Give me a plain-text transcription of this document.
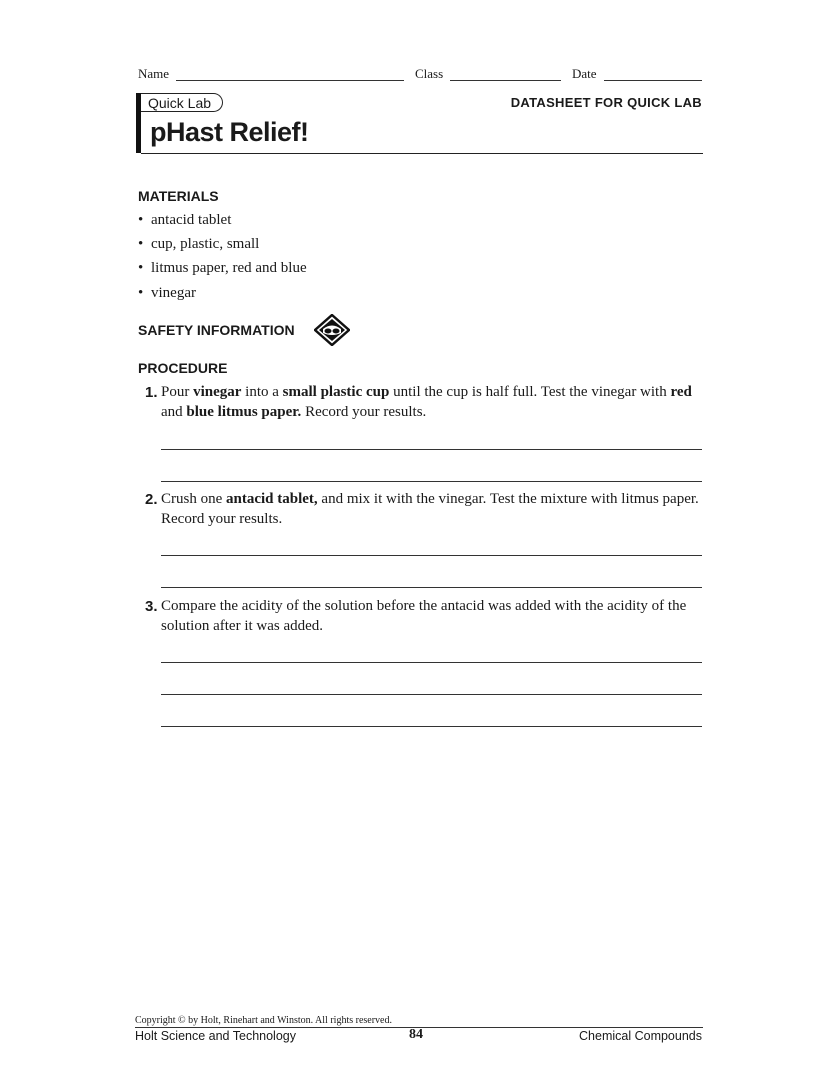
Name	Class	Date
Quick Lab	DATASHEET FOR QUICK LAB
pHast Relief!
MATERIALS
• antacid tablet
• cup, plastic, small
• litmus paper, red and blue
• vinegar
SAFETY INFORMATION
PROCEDURE
1. Pour vinegar into a small plastic cup until the cup is half full. Test the vinegar with red and blue litmus paper. Record your results.
2. Crush one antacid tablet, and mix it with the vinegar. Test the mixture with litmus paper. Record your results.
3. Compare the acidity of the solution before the antacid was added with the acidity of the solution after it was added.
Copyright © by Holt, Rinehart and Winston. All rights reserved.
Holt Science and Technology	84	Chemical Compounds
